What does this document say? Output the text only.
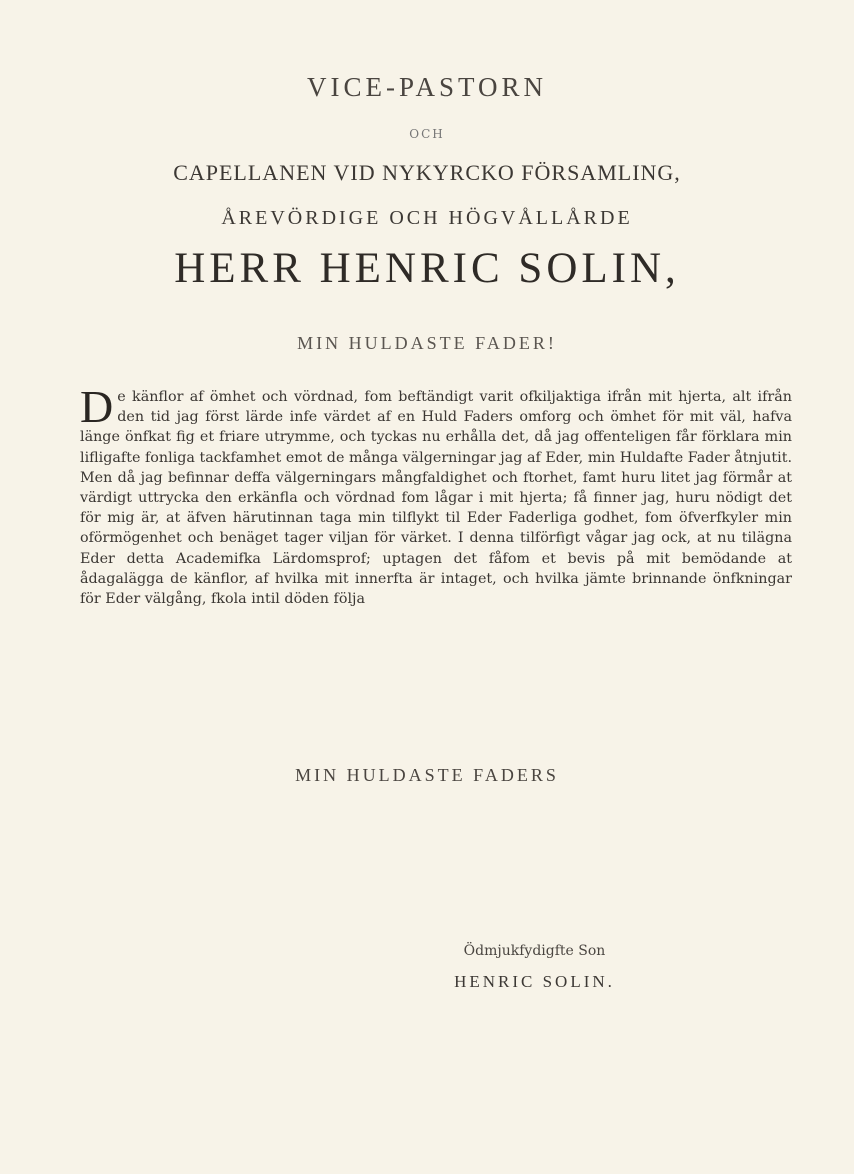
VICE-PASTORN
OCH
CAPELLANEN VID NYKYRCKO FÖRSAMLING,
ÅREVÖRDIGE OCH HÖGVÅLLÅRDE
HERR HENRIC SOLIN,
MIN HULDASTE FADER!
De känflor af ömhet och vördnad, fom beftändigt varit ofkiljaktiga ifrån mit hjerta, alt ifrån den tid jag först lärde infe värdet af en Huld Faders omforg och ömhet för mit väl, hafva länge önfkat fig et friare utrymme, och tyckas nu erhålla det, då jag offenteligen får förklara min lifligafte fonliga tackfamhet emot de många välgerningar jag af Eder, min Huldafte Fader åtnjutit. Men då jag befinnar deffa välgerningars mångfaldighet och ftorhet, famt huru litet jag förmår at värdigt uttrycka den erkänfla och vördnad fom lågar i mit hjerta; få finner jag, huru nödigt det för mig är, at äfven härutinnan taga min tilflykt til Eder Faderliga godhet, fom öfverfkyler min oförmögenhet och benäget tager viljan för värket. I denna tilförfigt vågar jag ock, at nu tilägna Eder detta Academifka Lärdomsprof; uptagen det fåfom et bevis på mit bemödande at ådagalägga de känflor, af hvilka mit innerfta är intaget, och hvilka jämte brinnande önfkningar för Eder välgång, fkola intil döden följa
MIN HULDASTE FADERS
Ödmjukfydigfte Son
HENRIC SOLIN.
